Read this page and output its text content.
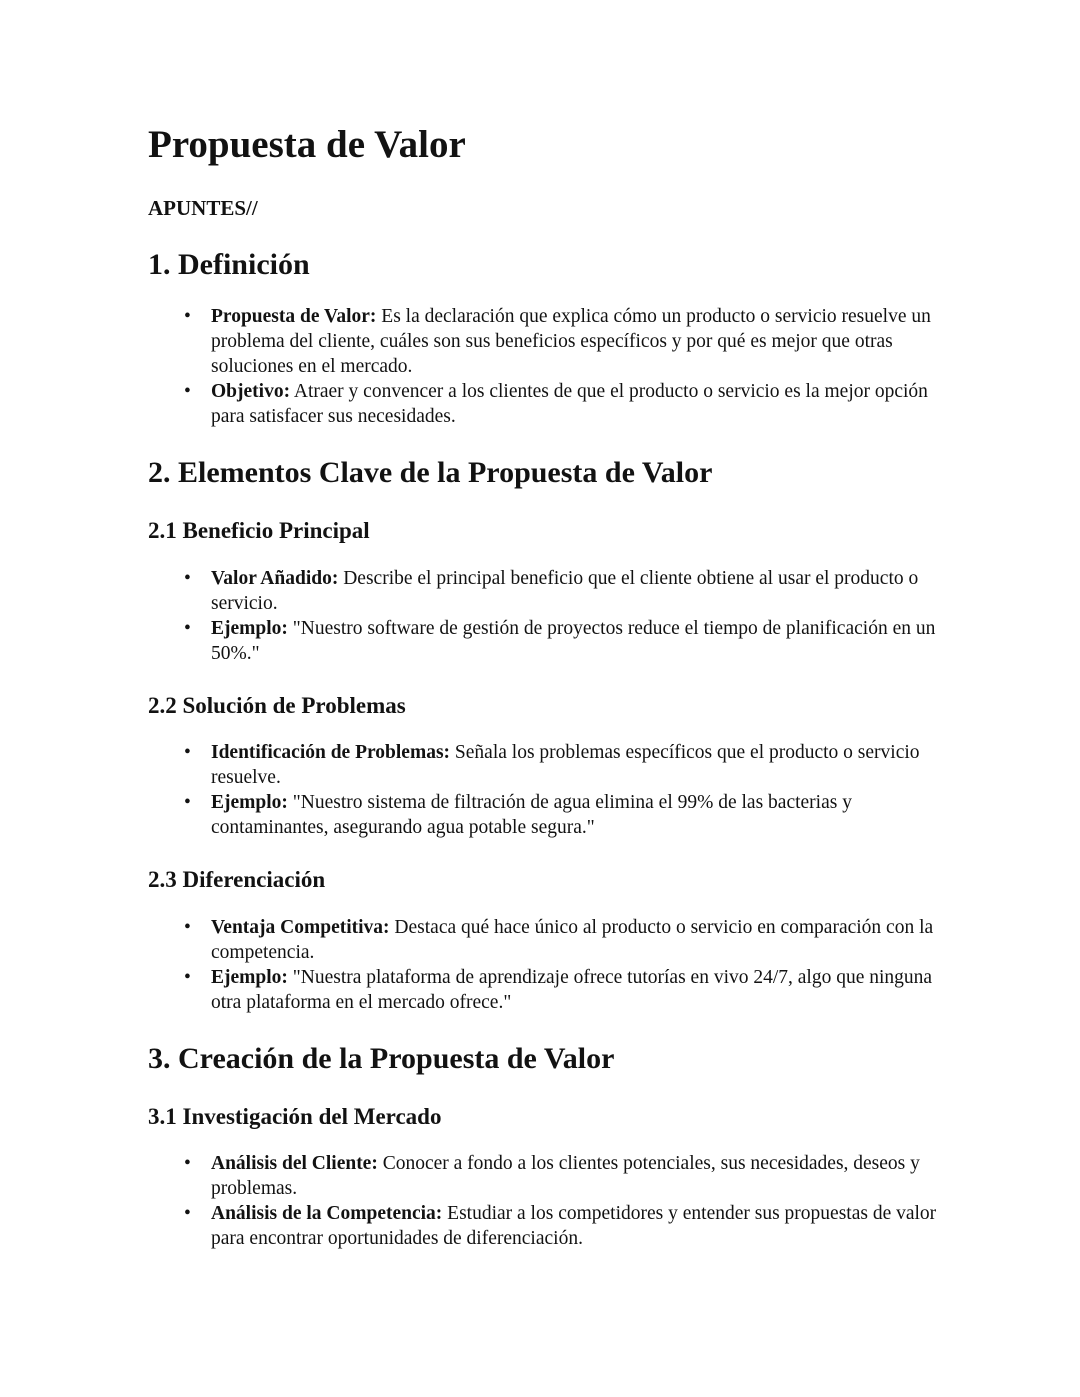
Propuesta de Valor

APUNTES//

1. Definición
• Propuesta de Valor: Es la declaración que explica cómo un producto o servicio resuelve un problema del cliente, cuáles son sus beneficios específicos y por qué es mejor que otras soluciones en el mercado.
• Objetivo: Atraer y convencer a los clientes de que el producto o servicio es la mejor opción para satisfacer sus necesidades.
2. Elementos Clave de la Propuesta de Valor
2.1 Beneficio Principal
• Valor Añadido: Describe el principal beneficio que el cliente obtiene al usar el producto o servicio.
• Ejemplo: "Nuestro software de gestión de proyectos reduce el tiempo de planificación en un 50%."
2.2 Solución de Problemas
• Identificación de Problemas: Señala los problemas específicos que el producto o servicio resuelve.
• Ejemplo: "Nuestro sistema de filtración de agua elimina el 99% de las bacterias y contaminantes, asegurando agua potable segura."
2.3 Diferenciación
• Ventaja Competitiva: Destaca qué hace único al producto o servicio en comparación con la competencia.
• Ejemplo: "Nuestra plataforma de aprendizaje ofrece tutorías en vivo 24/7, algo que ninguna otra plataforma en el mercado ofrece."
3. Creación de la Propuesta de Valor
3.1 Investigación del Mercado
• Análisis del Cliente: Conocer a fondo a los clientes potenciales, sus necesidades, deseos y problemas.
• Análisis de la Competencia: Estudiar a los competidores y entender sus propuestas de valor para encontrar oportunidades de diferenciación.
